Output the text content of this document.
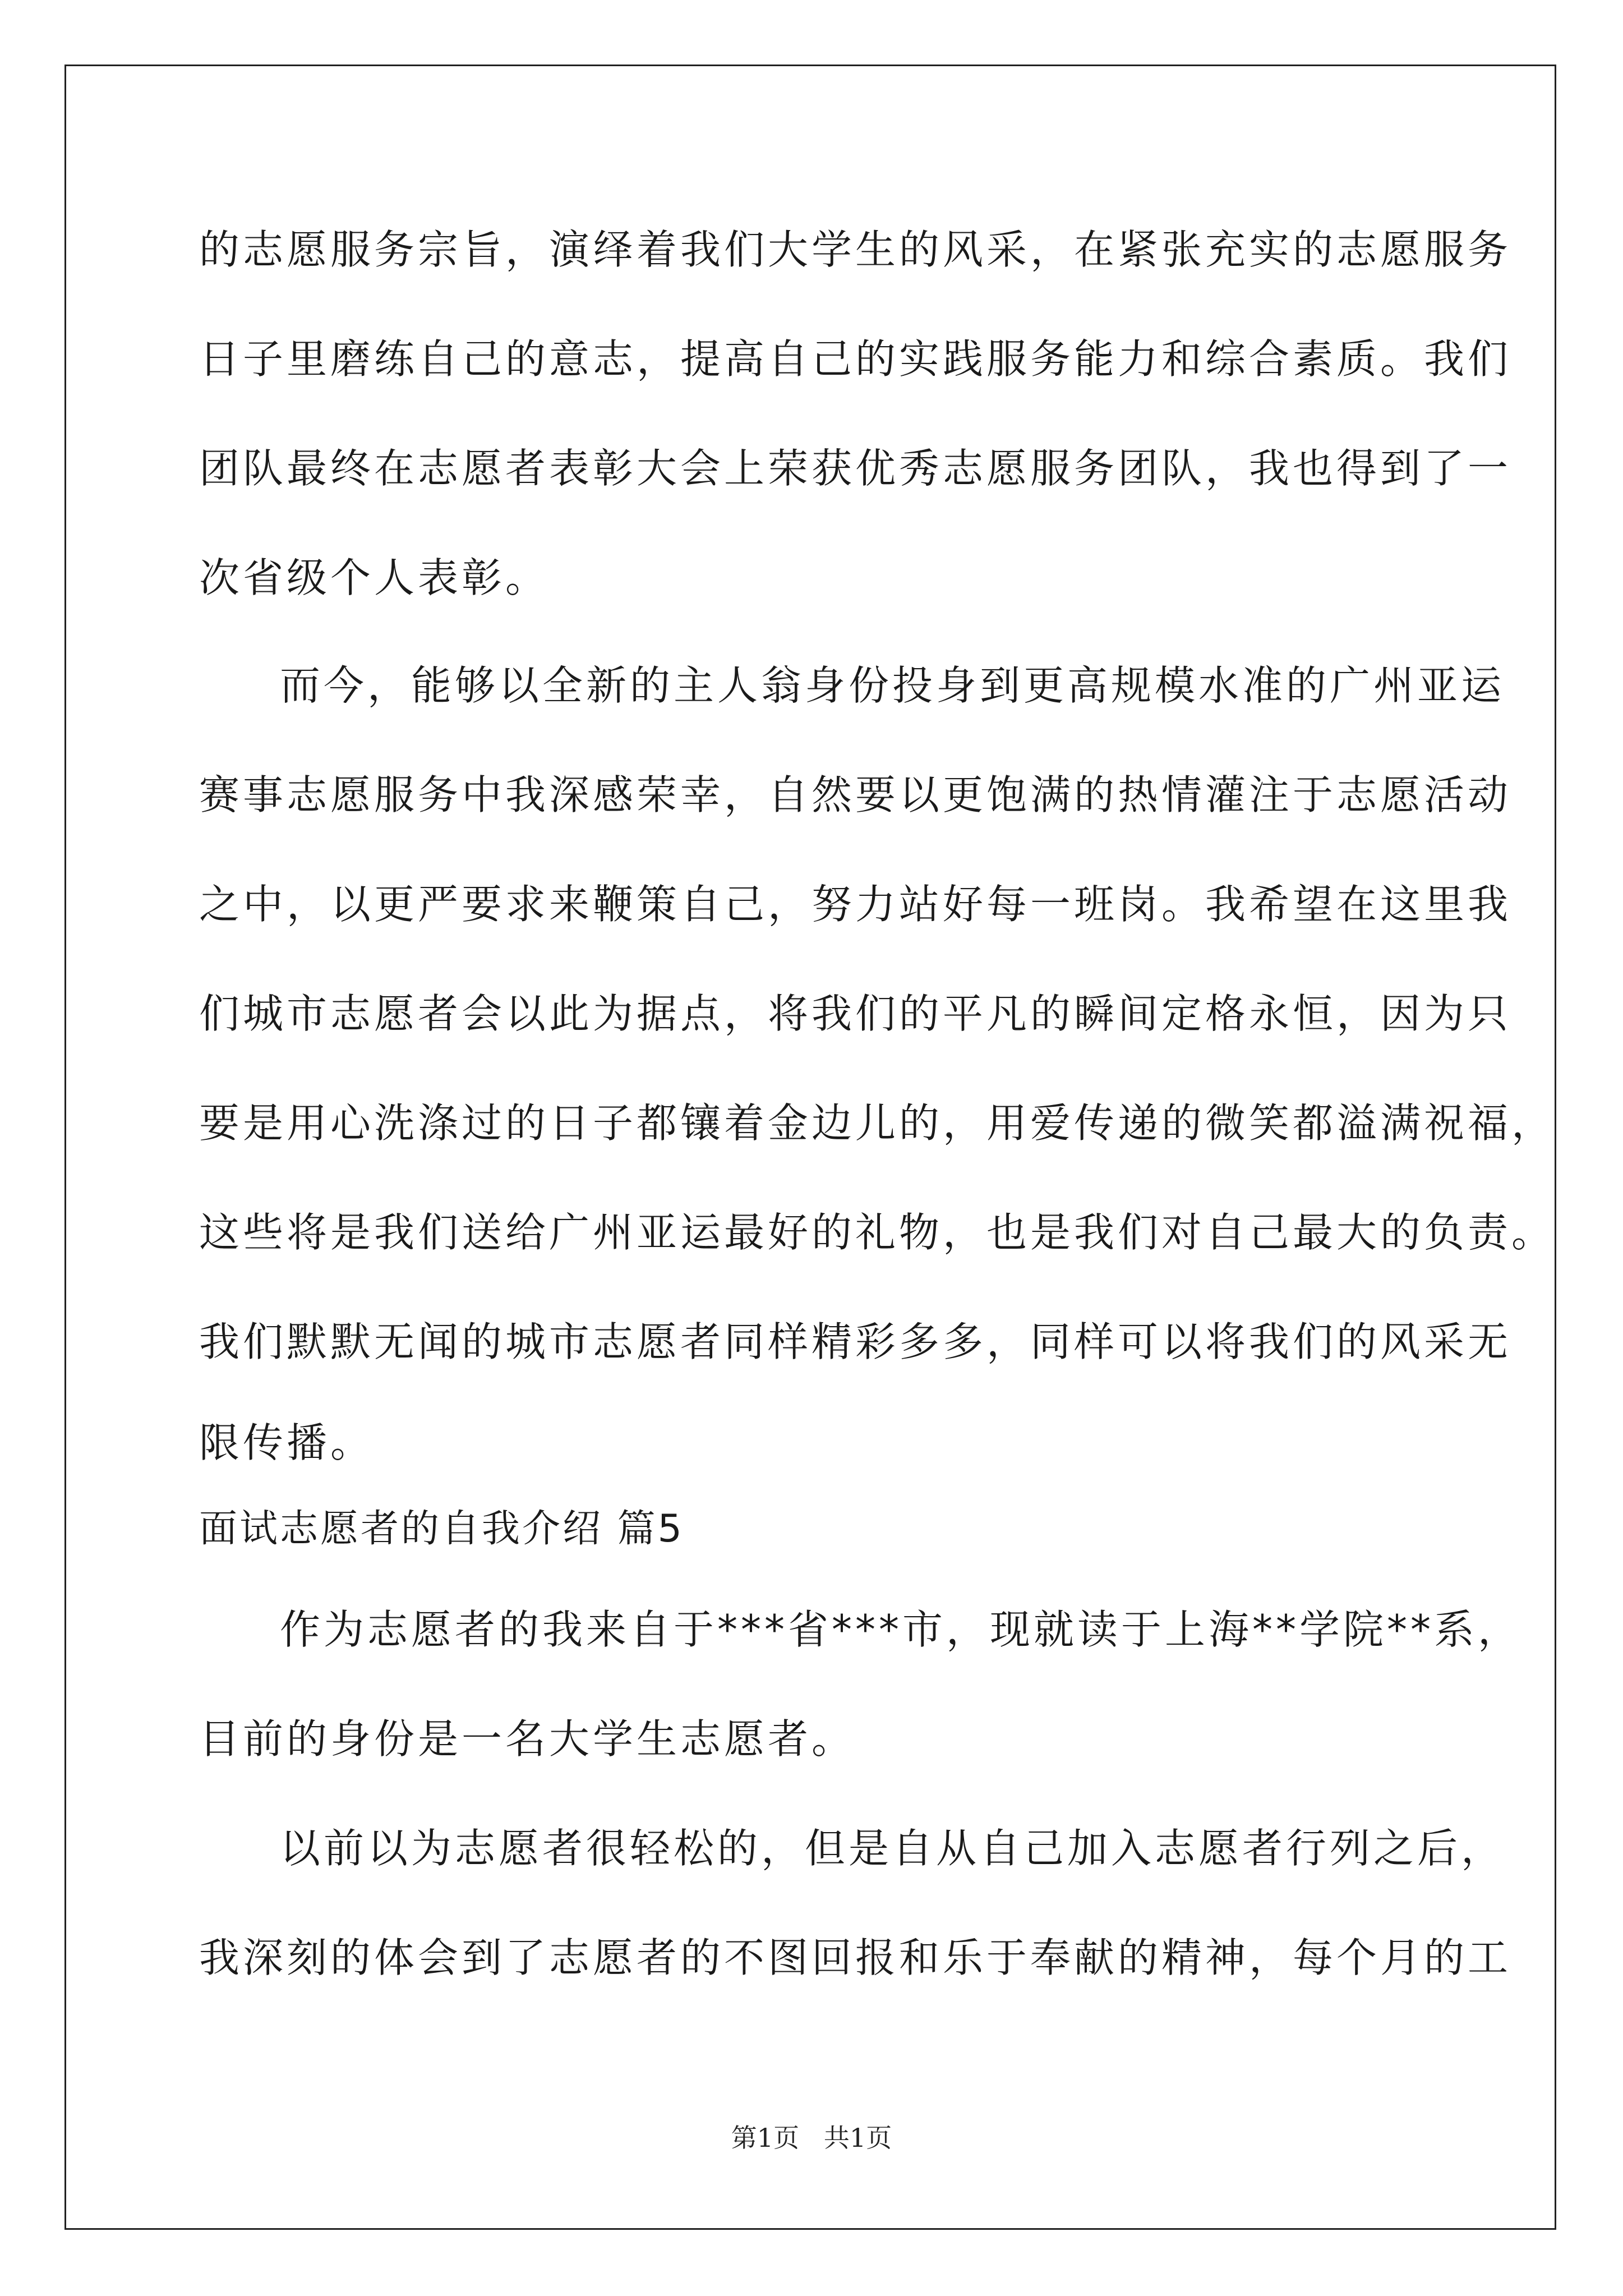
的志愿服务宗旨，演绎着我们大学生的风采，在紧张充实的志愿服务
日子里磨练自己的意志，提高自己的实践服务能力和综合素质。我们
团队最终在志愿者表彰大会上荣获优秀志愿服务团队，我也得到了一
次省级个人表彰。
而今，能够以全新的主人翁身份投身到更高规模水准的广州亚运
赛事志愿服务中我深感荣幸，自然要以更饱满的热情灌注于志愿活动
之中，以更严要求来鞭策自己，努力站好每一班岗。我希望在这里我
们城市志愿者会以此为据点，将我们的平凡的瞬间定格永恒，因为只
要是用心洗涤过的日子都镶着金边儿的，用爱传递的微笑都溢满祝福，
这些将是我们送给广州亚运最好的礼物，也是我们对自己最大的负责。
我们默默无闻的城市志愿者同样精彩多多，同样可以将我们的风采无
限传播。
面试志愿者的自我介绍 篇5
作为志愿者的我来自于***省***市，现就读于上海**学院**系，
目前的身份是一名大学生志愿者。
以前以为志愿者很轻松的，但是自从自己加入志愿者行列之后，
我深刻的体会到了志愿者的不图回报和乐于奉献的精神，每个月的工
第1页   共1页
